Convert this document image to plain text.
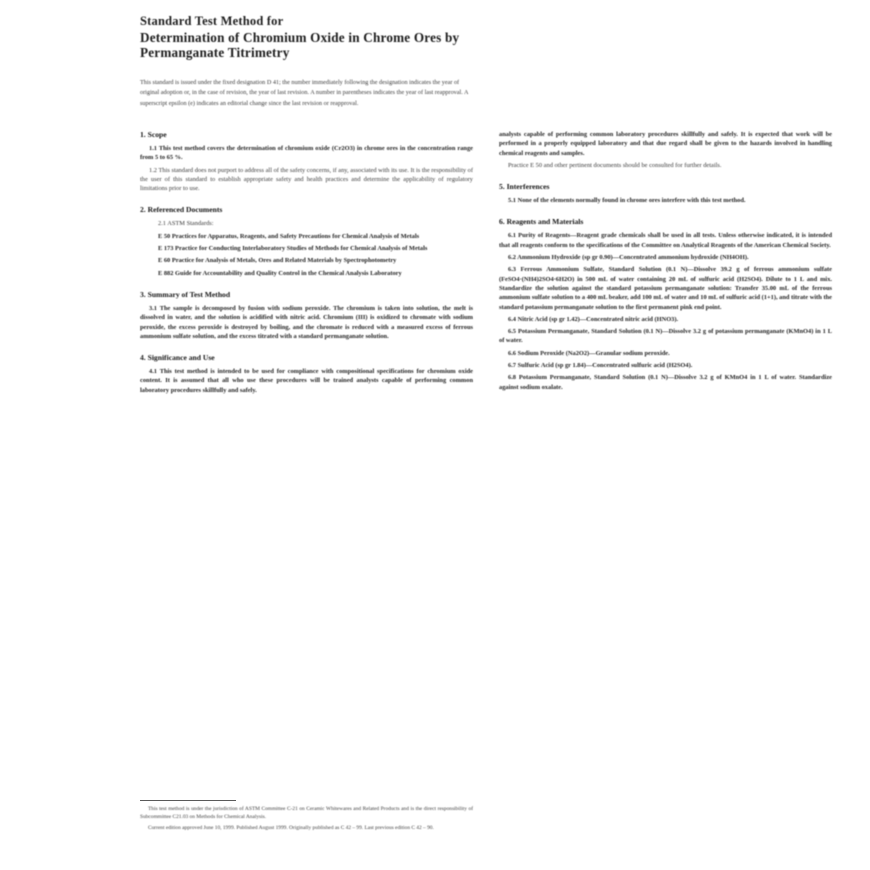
Standard Test Method for
Determination of Chromium Oxide in Chrome Ores by
Permanganate Titrimetry
This standard is issued under the fixed designation D 41; the number immediately following the designation indicates the year of
original adoption or, in the case of revision, the year of last revision. A number in parentheses indicates the year of last reapproval. A
superscript epsilon (e) indicates an editorial change since the last revision or reapproval.
1. Scope

1.1 This test method covers the determination of chromium oxide (Cr2O3) in chrome ores in the concentration range from 5 to 65 %.

1.2 This standard does not purport to address all of the safety concerns, if any, associated with its use. It is the responsibility of the user of this standard to establish appropriate safety and health practices and determine the applicability of regulatory limitations prior to use.

2. Referenced Documents

2.1 ASTM Standards:

E 50 Practices for Apparatus, Reagents, and Safety Precautions for Chemical Analysis of Metals

E 173 Practice for Conducting Interlaboratory Studies of Methods for Chemical Analysis of Metals

E 60 Practice for Analysis of Metals, Ores and Related Materials by Spectrophotometry

E 882 Guide for Accountability and Quality Control in the Chemical Analysis Laboratory

3. Summary of Test Method

3.1 The sample is decomposed by fusion with sodium peroxide. The chromium is taken into solution, the melt is dissolved in water, and the solution is acidified with nitric acid. Chromium (III) is oxidized to chromate with sodium peroxide, the excess peroxide is destroyed by boiling, and the chromate is reduced with a measured excess of ferrous ammonium sulfate solution, and the excess titrated with a standard permanganate solution.

4. Significance and Use

4.1 This test method is intended to be used for compliance with compositional specifications for chromium oxide content. It is assumed that all who use these procedures will be trained analysts capable of performing common laboratory procedures skillfully and safely.

analysts capable of performing common laboratory procedures skillfully and safely. It is expected that work will be performed in a properly equipped laboratory and that due regard shall be given to the hazards involved in handling chemical reagents and samples.

Practice E 50 and other pertinent documents should be consulted for further details.

5. Interferences

5.1 None of the elements normally found in chrome ores interfere with this test method.

6. Reagents and Materials

6.1 Purity of Reagents—Reagent grade chemicals shall be used in all tests. Unless otherwise indicated, it is intended that all reagents conform to the specifications of the Committee on Analytical Reagents of the American Chemical Society.

6.2 Ammonium Hydroxide (sp gr 0.90)—Concentrated ammonium hydroxide (NH4OH).

6.3 Ferrous Ammonium Sulfate, Standard Solution (0.1 N)—Dissolve 39.2 g of ferrous ammonium sulfate (FeSO4·(NH4)2SO4·6H2O) in 500 mL of water containing 20 mL of sulfuric acid (H2SO4). Dilute to 1 L and mix. Standardize the solution against the standard potassium permanganate solution: Transfer 35.00 mL of the ferrous ammonium sulfate solution to a 400 mL beaker, add 100 mL of water and 10 mL of sulfuric acid (1+1), and titrate with the standard potassium permanganate solution to the first permanent pink end point.

6.4 Nitric Acid (sp gr 1.42)—Concentrated nitric acid (HNO3).

6.5 Potassium Permanganate, Standard Solution (0.1 N)—Dissolve 3.2 g of potassium permanganate (KMnO4) in 1 L of water.

6.6 Sodium Peroxide (Na2O2)—Granular sodium peroxide.

6.7 Sulfuric Acid (sp gr 1.84)—Concentrated sulfuric acid (H2SO4).

6.8 Potassium Permanganate, Standard Solution (0.1 N)—Dissolve 3.2 g of KMnO4 in 1 L of water. Standardize against sodium oxalate.

This test method is under the jurisdiction of ASTM Committee C-21 on Ceramic Whitewares and Related Products and is the direct responsibility of Subcommittee C21.03 on Methods for Chemical Analysis.
Current edition approved June 10, 1999. Published August 1999. Originally published as C 42 – 99. Last previous edition C 42 – 90.
